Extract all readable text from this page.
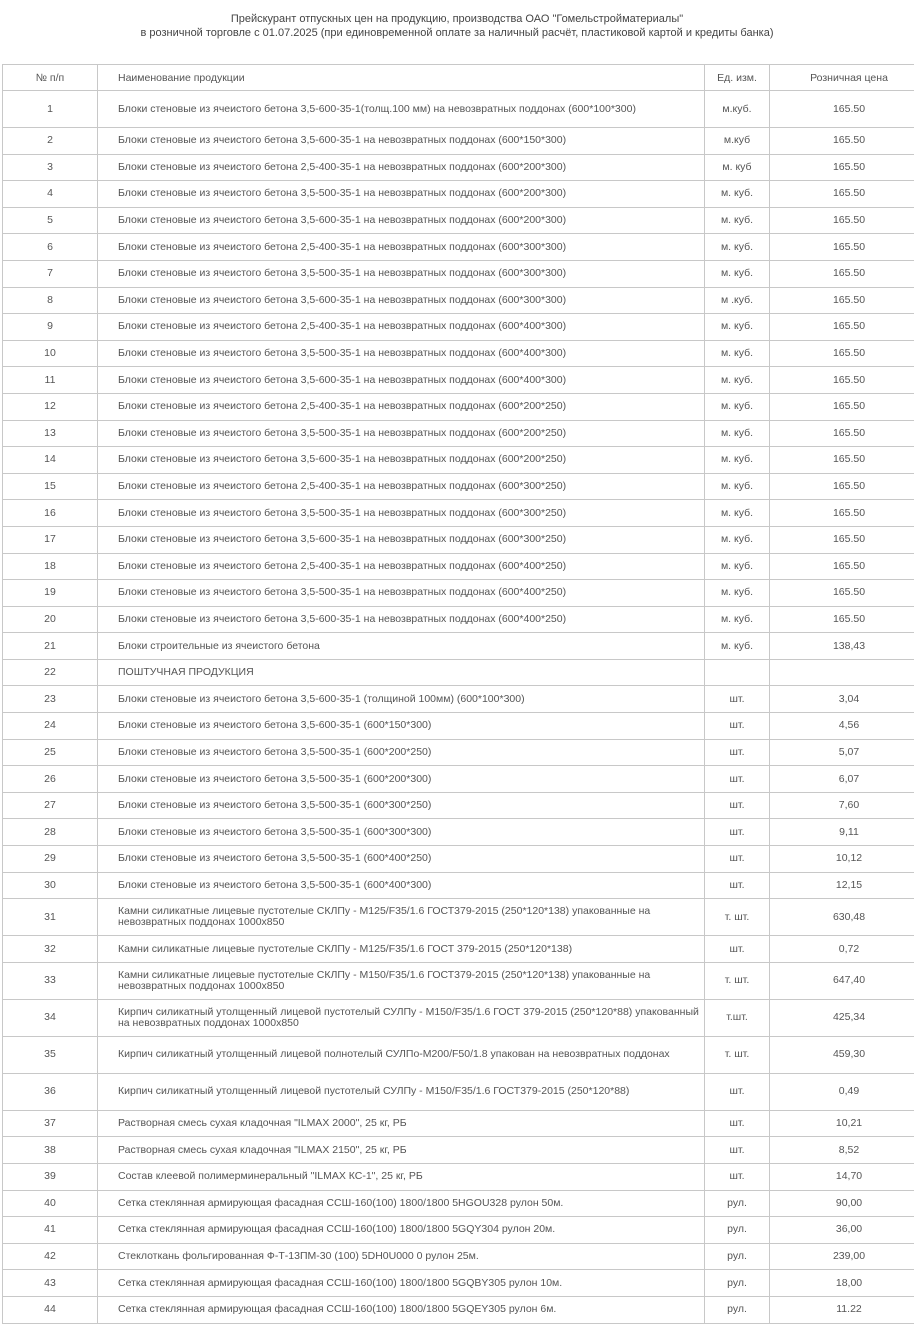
Прейскурант отпускных цен на продукцию, производства ОАО "Гомельстройматериалы"
в розничной торговле с 01.07.2025 (при единовременной оплате за наличный расчёт, пластиковой картой и кредиты банка)
№ п/п	Наименование продукции	Ед. изм.	Розничная цена
1	Блоки стеновые из ячеистого бетона 3,5-600-35-1(толщ.100 мм) на невозвратных поддонах (600*100*300)	м.куб.	165.50
2	Блоки стеновые из ячеистого бетона 3,5-600-35-1 на невозвратных поддонах (600*150*300)	м.куб	165.50
3	Блоки стеновые из ячеистого бетона 2,5-400-35-1 на невозвратных поддонах (600*200*300)	м. куб	165.50
4	Блоки стеновые из ячеистого бетона 3,5-500-35-1 на невозвратных поддонах (600*200*300)	м. куб.	165.50
5	Блоки стеновые из ячеистого бетона 3,5-600-35-1 на невозвратных поддонах (600*200*300)	м. куб.	165.50
6	Блоки стеновые из ячеистого бетона 2,5-400-35-1 на невозвратных поддонах (600*300*300)	м. куб.	165.50
7	Блоки стеновые из ячеистого бетона 3,5-500-35-1 на невозвратных поддонах (600*300*300)	м. куб.	165.50
8	Блоки стеновые из ячеистого бетона 3,5-600-35-1 на невозвратных поддонах (600*300*300)	м .куб.	165.50
9	Блоки стеновые из ячеистого бетона 2,5-400-35-1 на невозвратных поддонах (600*400*300)	м. куб.	165.50
10	Блоки стеновые из ячеистого бетона 3,5-500-35-1 на невозвратных поддонах (600*400*300)	м. куб.	165.50
11	Блоки стеновые из ячеистого бетона 3,5-600-35-1 на невозвратных поддонах (600*400*300)	м. куб.	165.50
12	Блоки стеновые из ячеистого бетона 2,5-400-35-1 на невозвратных поддонах (600*200*250)	м. куб.	165.50
13	Блоки стеновые из ячеистого бетона 3,5-500-35-1 на невозвратных поддонах (600*200*250)	м. куб.	165.50
14	Блоки стеновые из ячеистого бетона 3,5-600-35-1 на невозвратных поддонах (600*200*250)	м. куб.	165.50
15	Блоки стеновые из ячеистого бетона 2,5-400-35-1 на невозвратных поддонах (600*300*250)	м. куб.	165.50
16	Блоки стеновые из ячеистого бетона 3,5-500-35-1 на невозвратных поддонах (600*300*250)	м. куб.	165.50
17	Блоки стеновые из ячеистого бетона 3,5-600-35-1 на невозвратных поддонах (600*300*250)	м. куб.	165.50
18	Блоки стеновые из ячеистого бетона 2,5-400-35-1 на невозвратных поддонах (600*400*250)	м. куб.	165.50
19	Блоки стеновые из ячеистого бетона 3,5-500-35-1 на невозвратных поддонах (600*400*250)	м. куб.	165.50
20	Блоки стеновые из ячеистого бетона 3,5-600-35-1 на невозвратных поддонах (600*400*250)	м. куб.	165.50
21	Блоки строительные из ячеистого бетона	м. куб.	138,43
22	ПОШТУЧНАЯ ПРОДУКЦИЯ		
23	Блоки стеновые из ячеистого бетона 3,5-600-35-1 (толщиной 100мм) (600*100*300)	шт.	3,04
24	Блоки стеновые из ячеистого бетона 3,5-600-35-1 (600*150*300)	шт.	4,56
25	Блоки стеновые из ячеистого бетона 3,5-500-35-1 (600*200*250)	шт.	5,07
26	Блоки стеновые из ячеистого бетона 3,5-500-35-1 (600*200*300)	шт.	6,07
27	Блоки стеновые из ячеистого бетона 3,5-500-35-1 (600*300*250)	шт.	7,60
28	Блоки стеновые из ячеистого бетона 3,5-500-35-1 (600*300*300)	шт.	9,11
29	Блоки стеновые из ячеистого бетона 3,5-500-35-1 (600*400*250)	шт.	10,12
30	Блоки стеновые из ячеистого бетона 3,5-500-35-1 (600*400*300)	шт.	12,15
31	Камни силикатные лицевые пустотелые СКЛПу - М125/F35/1.6 ГОСТ379-2015 (250*120*138) упакованные на невозвратных поддонах 1000х850	т. шт.	630,48
32	Камни силикатные лицевые пустотелые СКЛПу - М125/F35/1.6 ГОСТ 379-2015 (250*120*138)	шт.	0,72
33	Камни силикатные лицевые пустотелые СКЛПу - М150/F35/1.6 ГОСТ379-2015 (250*120*138) упакованные на невозвратных поддонах 1000х850	т. шт.	647,40
34	Кирпич силикатный утолщенный лицевой пустотелый СУЛПу - М150/F35/1.6 ГОСТ 379-2015 (250*120*88) упакованный на невозвратных поддонах 1000х850	т.шт.	425,34
35	Кирпич силикатный утолщенный лицевой полнотелый СУЛПо-М200/F50/1.8 упакован на невозвратных поддонах	т. шт.	459,30
36	Кирпич силикатный утолщенный лицевой пустотелый СУЛПу - М150/F35/1.6 ГОСТ379-2015 (250*120*88)	шт.	0,49
37	Растворная смесь сухая кладочная "ILMAX 2000", 25 кг, РБ	шт.	10,21
38	Растворная смесь сухая кладочная "ILMAX 2150", 25 кг, РБ	шт.	8,52
39	Состав клеевой полимерминеральный "ILMAX КС-1", 25 кг, РБ	шт.	14,70
40	Сетка стеклянная армирующая фасадная ССШ-160(100) 1800/1800 5HGOU328 рулон 50м.	рул.	90,00
41	Сетка стеклянная армирующая фасадная ССШ-160(100) 1800/1800 5GQY304 рулон 20м.	рул.	36,00
42	Стеклоткань фольгированная Ф-Т-13ПМ-30 (100) 5DH0U000 0 рулон 25м.	рул.	239,00
43	Сетка стеклянная армирующая фасадная ССШ-160(100) 1800/1800 5GQBY305 рулон 10м.	рул.	18,00
44	Сетка стеклянная армирующая фасадная ССШ-160(100) 1800/1800 5GQEY305 рулон 6м.	рул.	11.22
